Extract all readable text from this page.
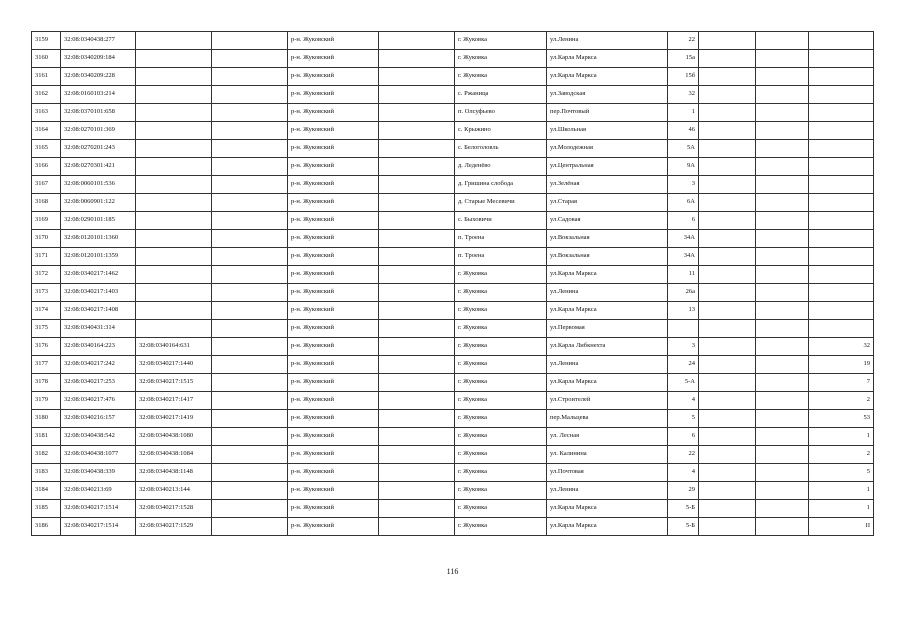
3159	32:08:0340438:277			р-н. Жуковский		г. Жуковка	ул.Ленина	22			
3160	32:08:0340209:184			р-н. Жуковский		г. Жуковка	ул.Карла Маркса	15а			
3161	32:08:0340209:228			р-н. Жуковский		г. Жуковка	ул.Карла Маркса	15б			
3162	32:08:0160103:214			р-н. Жуковский		с. Ржаница	ул.Заводская	32			
3163	32:08:0370101:658			р-н. Жуковский		п. Олсуфьево	пер.Почтовый	1			
3164	32:08:0270101:369			р-н. Жуковский		с. Крыжино	ул.Школьная	46			
3165	32:08:0270201:243			р-н. Жуковский		с. Белоголовль	ул.Молодежная	5А			
3166	32:08:0270301:421			р-н. Жуковский		д. Леденёво	ул.Центральная	9А			
3167	32:08:0060101:536			р-н. Жуковский		д. Гришина слобода	ул.Зелёная	3			
3168	32:08:0060901:122			р-н. Жуковский		д. Старые Месевичи	ул.Старая	6А			
3169	32:08:0290101:185			р-н. Жуковский		с. Быховичи	ул.Садовая	6			
3170	32:08:0120101:1360			р-н. Жуковский		п. Троена	ул.Вокзальная	34А			
3171	32:08:0120101:1359			р-н. Жуковский		п. Троена	ул.Вокзальная	34А			
3172	32:08:0340217:1462			р-н. Жуковский		г. Жуковка	ул.Карла Маркса	11			
3173	32:08:0340217:1403			р-н. Жуковский		г. Жуковка	ул.Ленина	26а			
3174	32:08:0340217:1408			р-н. Жуковский		г. Жуковка	ул.Карла Маркса	13			
3175	32:08:0340431:314			р-н. Жуковский		г. Жуковка	ул.Первомая				
3176	32:08:0340164:223	32:08:0340164:631		р-н. Жуковский		г. Жуковка	ул.Карла Либкнехта	3			32
3177	32:08:0340217:242	32:08:0340217:1440		р-н. Жуковский		г. Жуковка	ул.Ленина	24			19
3178	32:08:0340217:253	32:08:0340217:1515		р-н. Жуковский		г. Жуковка	ул.Карла Маркса	5-А			7
3179	32:08:0340217:476	32:08:0340217:1417		р-н. Жуковский		г. Жуковка	ул.Строителей	4			2
3180	32:08:0340216:157	32:08:0340217:1419		р-н. Жуковский		г. Жуковка	пер.Мальцева	5			53
3181	32:08:0340438:542	32:08:0340438:1080		р-н. Жуковский		г. Жуковка	ул. Лесная	6			1
3182	32:08:0340438:1077	32:08:0340438:1084		р-н. Жуковский		г. Жуковка	ул. Калинина	22			2
3183	32:08:0340438:339	32:08:0340438:1148		р-н. Жуковский		г. Жуковка	ул.Почтовая	4			5
3184	32:08:0340213:69	32:08:0340213:144		р-н. Жуковский		г. Жуковка	ул.Ленина	29			1
3185	32:08:0340217:1514	32:08:0340217:1528		р-н. Жуковский		г. Жуковка	ул.Карла Маркса	5-Б			1
3186	32:08:0340217:1514	32:08:0340217:1529		р-н. Жуковский		г. Жуковка	ул.Карла Маркса	5-Б			II
116
